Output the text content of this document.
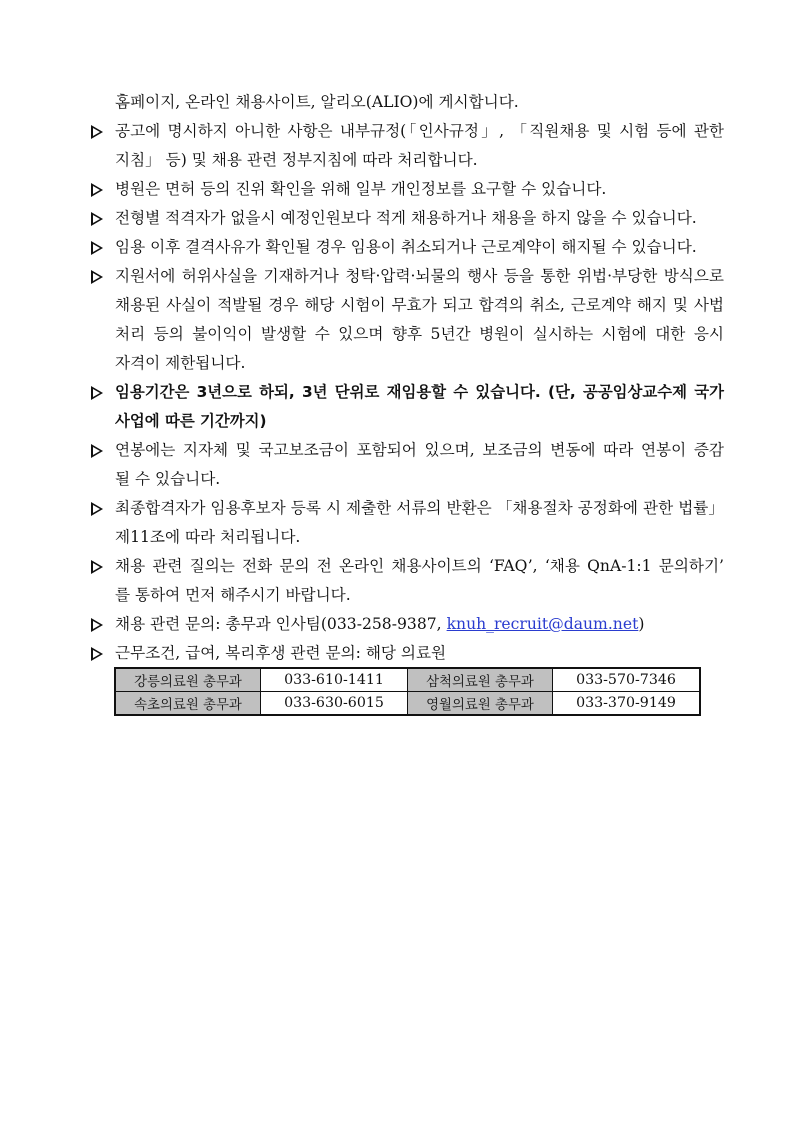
홈페이지, 온라인 채용사이트, 알리오(ALIO)에 게시합니다.
공고에 명시하지 아니한 사항은 내부규정(「인사규정」, 「직원채용 및 시험 등에 관한
지침」 등) 및 채용 관련 정부지침에 따라 처리합니다.
병원은 면허 등의 진위 확인을 위해 일부 개인정보를 요구할 수 있습니다.
전형별 적격자가 없을시 예정인원보다 적게 채용하거나 채용을 하지 않을 수 있습니다.
임용 이후 결격사유가 확인될 경우 임용이 취소되거나 근로계약이 해지될 수 있습니다.
지원서에 허위사실을 기재하거나 청탁·압력·뇌물의 행사 등을 통한 위법·부당한 방식으로
채용된 사실이 적발될 경우 해당 시험이 무효가 되고 합격의 취소, 근로계약 해지 및 사법
처리 등의 불이익이 발생할 수 있으며 향후 5년간 병원이 실시하는 시험에 대한 응시
자격이 제한됩니다.
임용기간은 3년으로 하되, 3년 단위로 재임용할 수 있습니다. (단, 공공임상교수제 국가
사업에 따른 기간까지)
연봉에는 지자체 및 국고보조금이 포함되어 있으며, 보조금의 변동에 따라 연봉이 증감
될 수 있습니다.
최종합격자가 임용후보자 등록 시 제출한 서류의 반환은 「채용절차 공정화에 관한 법률」
제11조에 따라 처리됩니다.
채용 관련 질의는 전화 문의 전 온라인 채용사이트의 ‘FAQ’, ‘채용 QnA-1:1 문의하기’
를 통하여 먼저 해주시기 바랍니다.
채용 관련 문의: 총무과 인사팀(033-258-9387, knuh_recruit@daum.net)
근무조건, 급여, 복리후생 관련 문의: 해당 의료원
강릉의료원 총무과	033-610-1411	삼척의료원 총무과	033-570-7346
속초의료원 총무과	033-630-6015	영월의료원 총무과	033-370-9149
